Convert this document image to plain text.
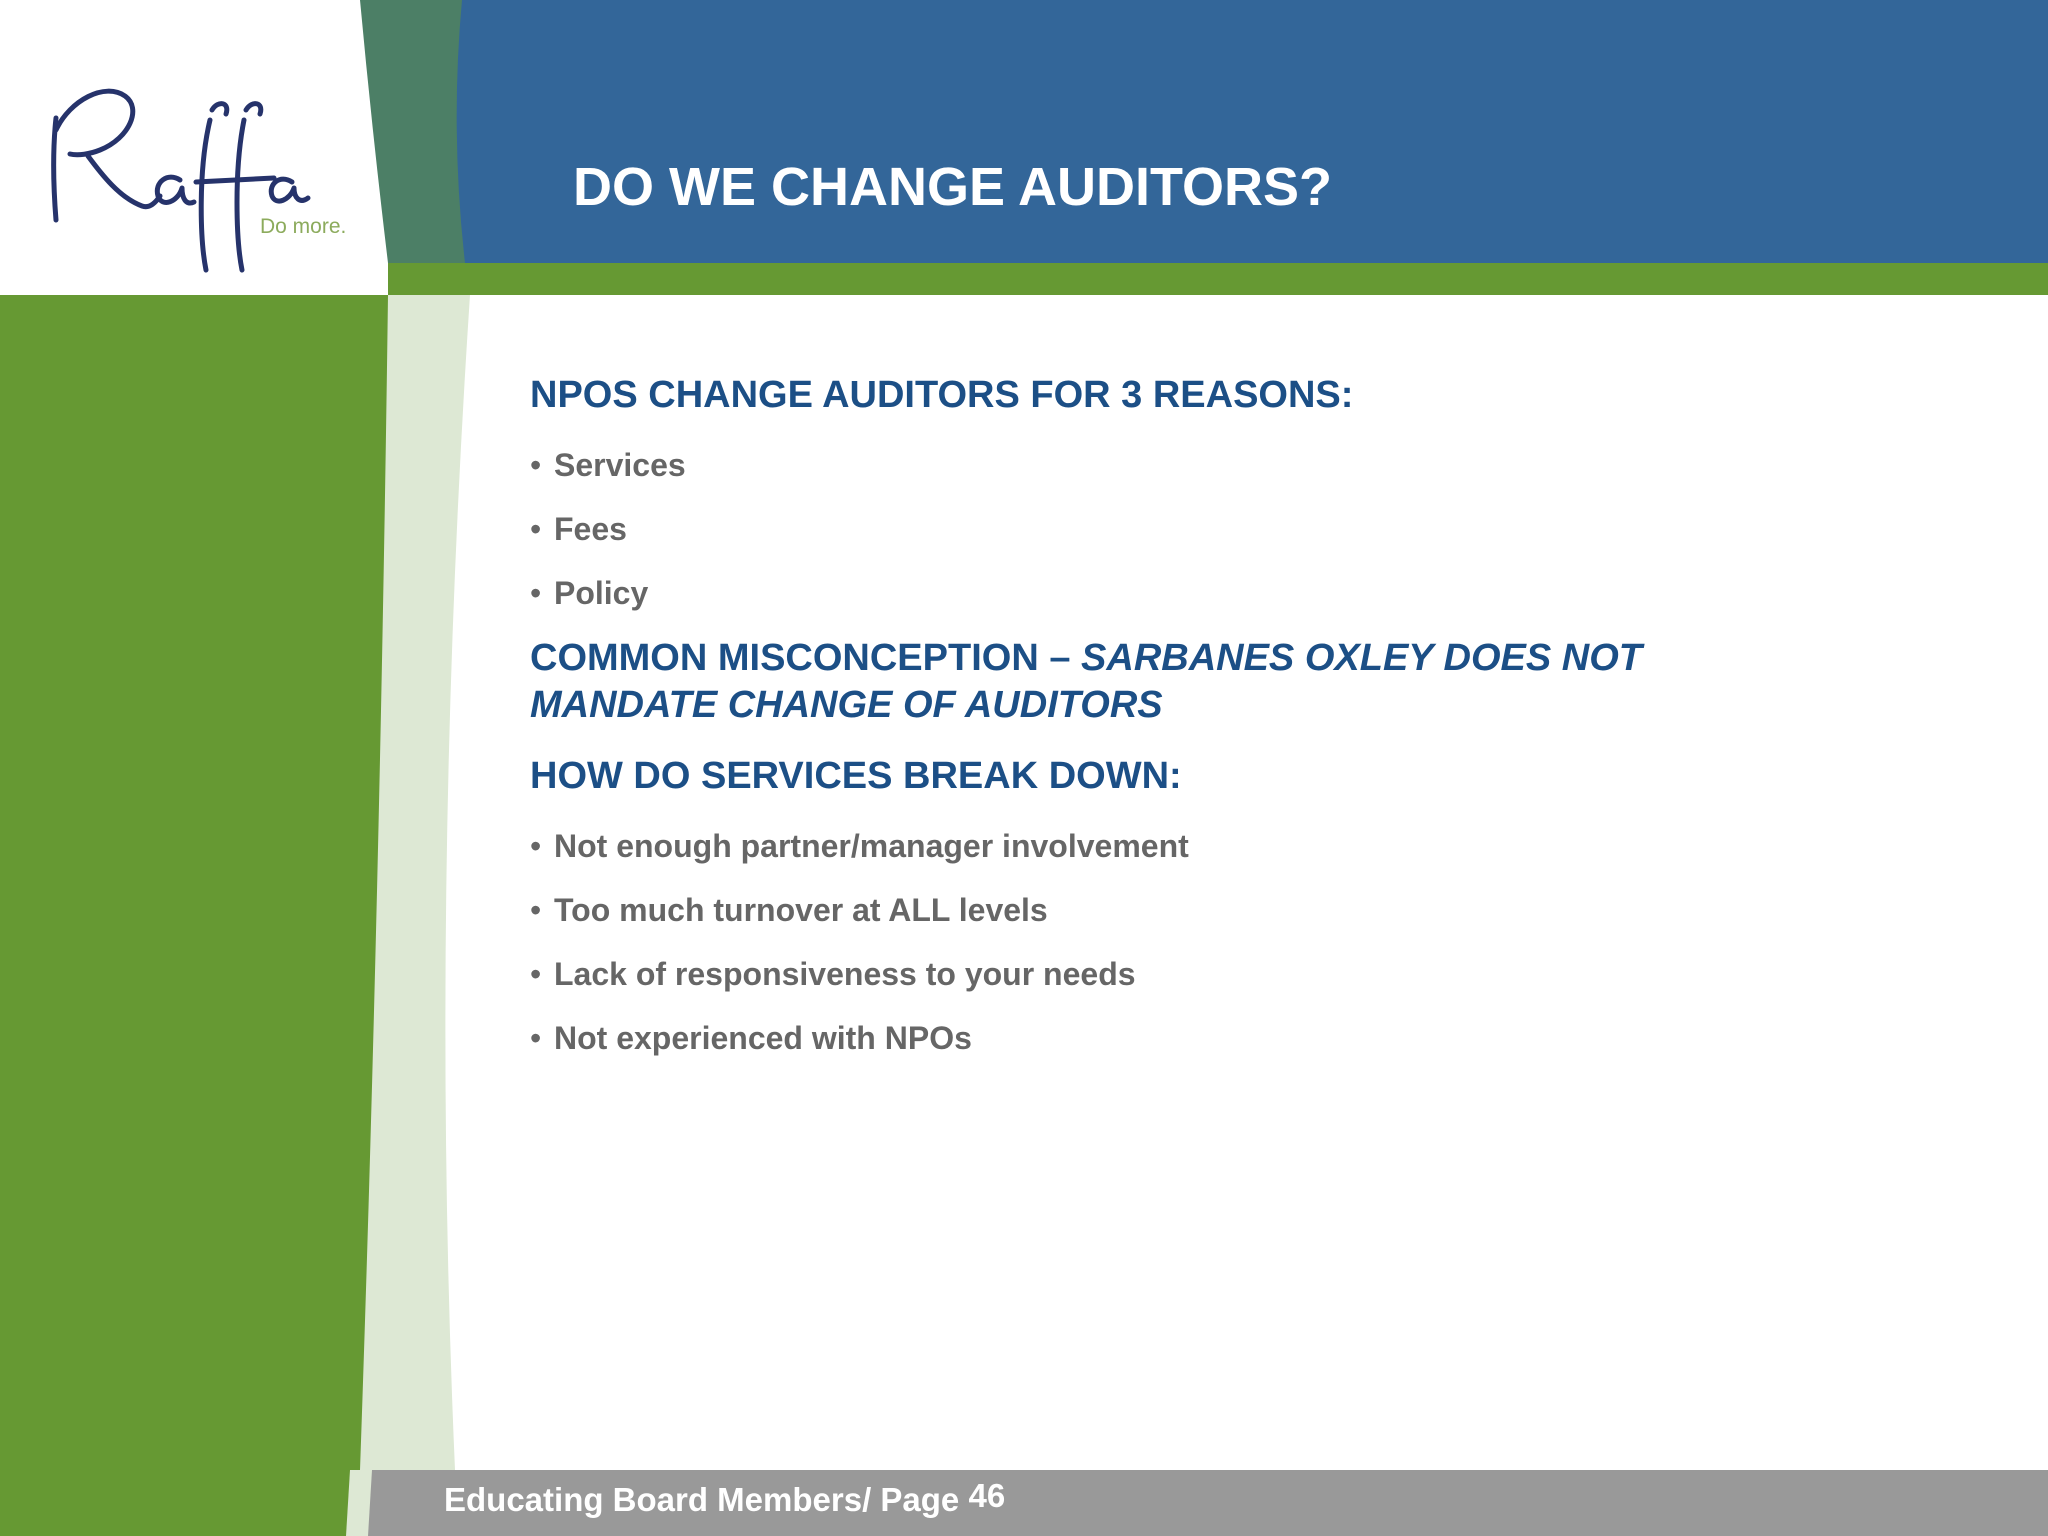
Do more.
DO WE CHANGE AUDITORS?
NPOS CHANGE AUDITORS FOR 3 REASONS:
• Services
• Fees
• Policy
COMMON MISCONCEPTION – SARBANES OXLEY DOES NOT MANDATE CHANGE OF AUDITORS
HOW DO SERVICES BREAK DOWN:
• Not enough partner/manager involvement
• Too much turnover at ALL levels
• Lack of responsiveness to your needs
• Not experienced with NPOs
Educating Board Members/ Page 46
